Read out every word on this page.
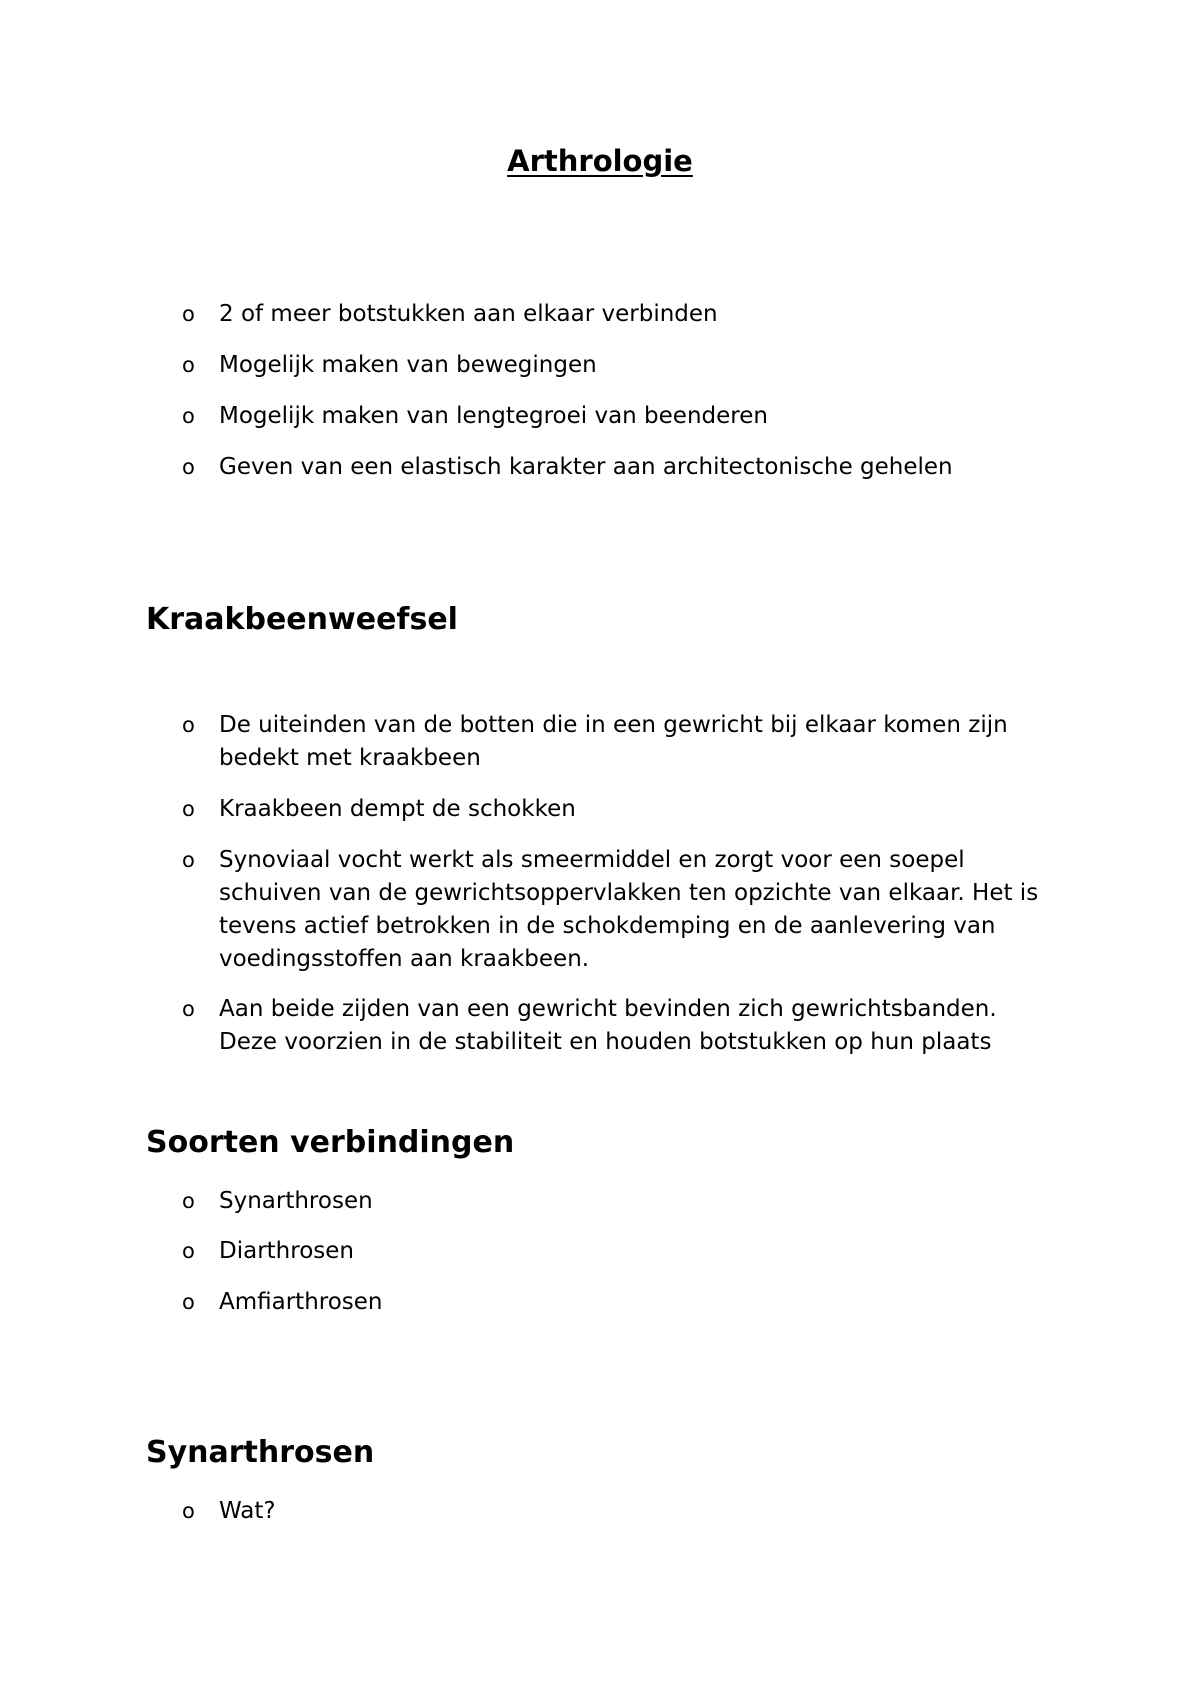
Arthrologie
o 2 of meer botstukken aan elkaar verbinden
o Mogelijk maken van bewegingen
o Mogelijk maken van lengtegroei van beenderen
o Geven van een elastisch karakter aan architectonische gehelen
Kraakbeenweefsel
o De uiteinden van de botten die in een gewricht bij elkaar komen zijn bedekt met kraakbeen
o Kraakbeen dempt de schokken
o Synoviaal vocht werkt als smeermiddel en zorgt voor een soepel schuiven van de gewrichtsoppervlakken ten opzichte van elkaar. Het is tevens actief betrokken in de schokdemping en de aanlevering van voedingsstoffen aan kraakbeen.
o Aan beide zijden van een gewricht bevinden zich gewrichtsbanden. Deze voorzien in de stabiliteit en houden botstukken op hun plaats
Soorten verbindingen
o Synarthrosen
o Diarthrosen
o Amfiarthrosen
Synarthrosen
o Wat?
